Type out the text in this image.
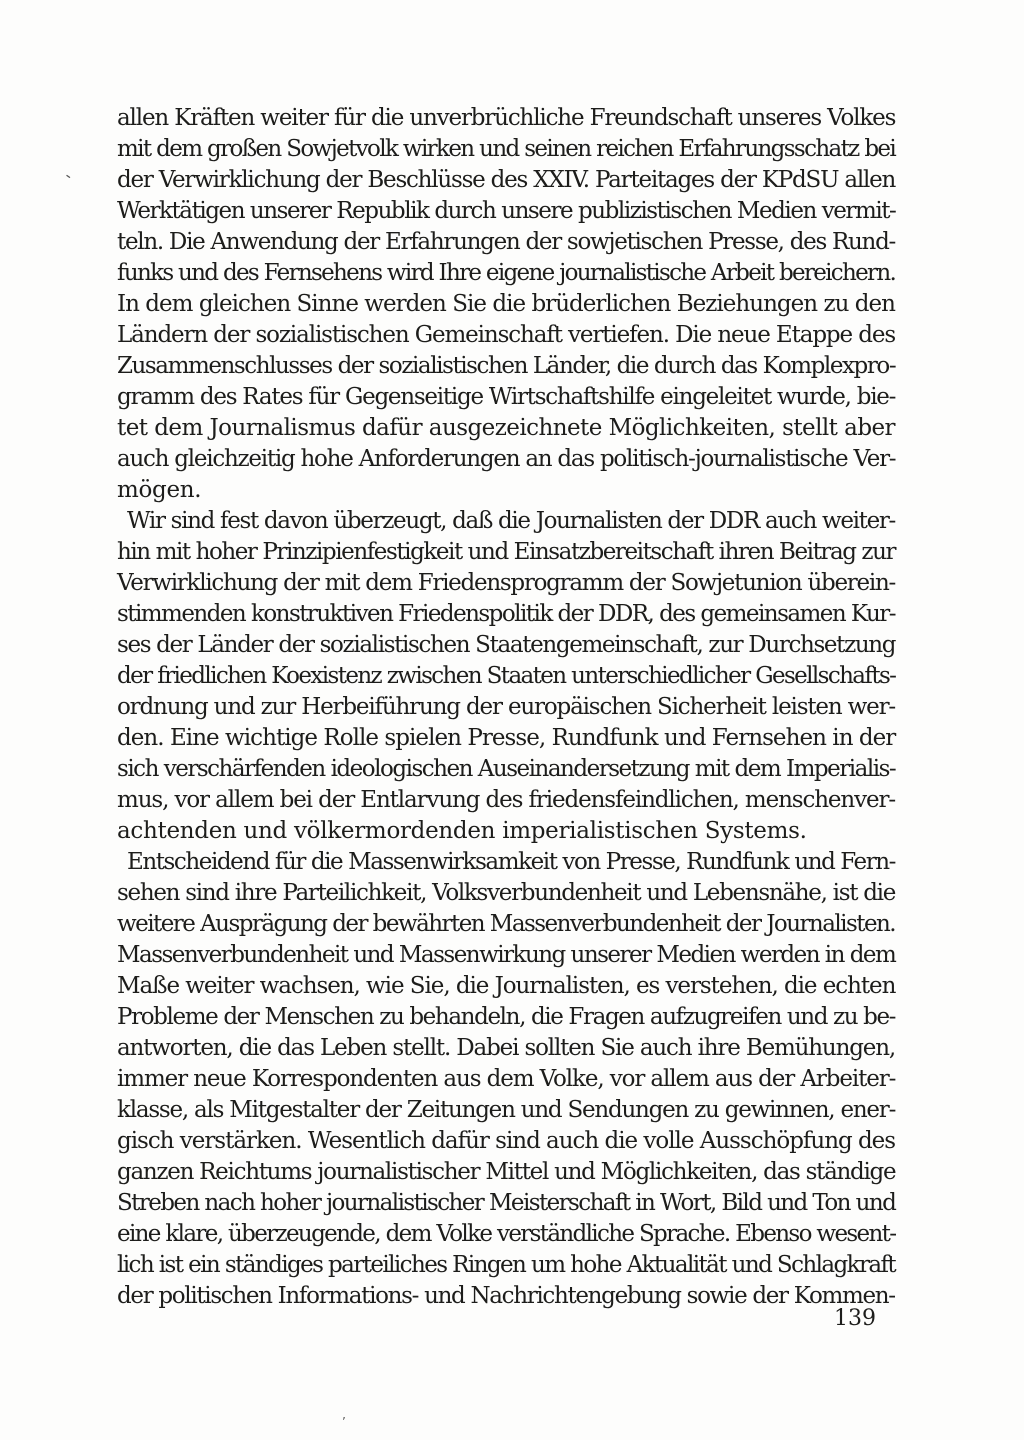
-
allen Kräften weiter für die unverbrüchliche Freundschaft unseres Volkes
mit dem großen Sowjetvolk wirken und seinen reichen Erfahrungsschatz bei
der Verwirklichung der Beschlüsse des XXIV. Parteitages der KPdSU allen
Werktätigen unserer Republik durch unsere publizistischen Medien vermit-
teln. Die Anwendung der Erfahrungen der sowjetischen Presse, des Rund-
funks und des Fernsehens wird Ihre eigene journalistische Arbeit bereichern.
In dem gleichen Sinne werden Sie die brüderlichen Beziehungen zu den
Ländern der sozialistischen Gemeinschaft vertiefen. Die neue Etappe des
Zusammenschlusses der sozialistischen Länder, die durch das Komplexpro-
gramm des Rates für Gegenseitige Wirtschaftshilfe eingeleitet wurde, bie-
tet dem Journalismus dafür ausgezeichnete Möglichkeiten, stellt aber
auch gleichzeitig hohe Anforderungen an das politisch-journalistische Ver-
mögen.
Wir sind fest davon überzeugt, daß die Journalisten der DDR auch weiter-
hin mit hoher Prinzipienfestigkeit und Einsatzbereitschaft ihren Beitrag zur
Verwirklichung der mit dem Friedensprogramm der Sowjetunion überein-
stimmenden konstruktiven Friedenspolitik der DDR, des gemeinsamen Kur-
ses der Länder der sozialistischen Staatengemeinschaft, zur Durchsetzung
der friedlichen Koexistenz zwischen Staaten unterschiedlicher Gesellschafts-
ordnung und zur Herbeiführung der europäischen Sicherheit leisten wer-
den. Eine wichtige Rolle spielen Presse, Rundfunk und Fernsehen in der
sich verschärfenden ideologischen Auseinandersetzung mit dem Imperialis-
mus, vor allem bei der Entlarvung des friedensfeindlichen, menschenver-
achtenden und völkermordenden imperialistischen Systems.
Entscheidend für die Massenwirksamkeit von Presse, Rundfunk und Fern-
sehen sind ihre Parteilichkeit, Volksverbundenheit und Lebensnähe, ist die
weitere Ausprägung der bewährten Massenverbundenheit der Journalisten.
Massenverbundenheit und Massenwirkung unserer Medien werden in dem
Maße weiter wachsen, wie Sie, die Journalisten, es verstehen, die echten
Probleme der Menschen zu behandeln, die Fragen aufzugreifen und zu be-
antworten, die das Leben stellt. Dabei sollten Sie auch ihre Bemühungen,
immer neue Korrespondenten aus dem Volke, vor allem aus der Arbeiter-
klasse, als Mitgestalter der Zeitungen und Sendungen zu gewinnen, ener-
gisch verstärken. Wesentlich dafür sind auch die volle Ausschöpfung des
ganzen Reichtums journalistischer Mittel und Möglichkeiten, das ständige
Streben nach hoher journalistischer Meisterschaft in Wort, Bild und Ton und
eine klare, überzeugende, dem Volke verständliche Sprache. Ebenso wesent-
lich ist ein ständiges parteiliches Ringen um hohe Aktualität und Schlagkraft
der politischen Informations- und Nachrichtengebung sowie der Kommen-
139
’
